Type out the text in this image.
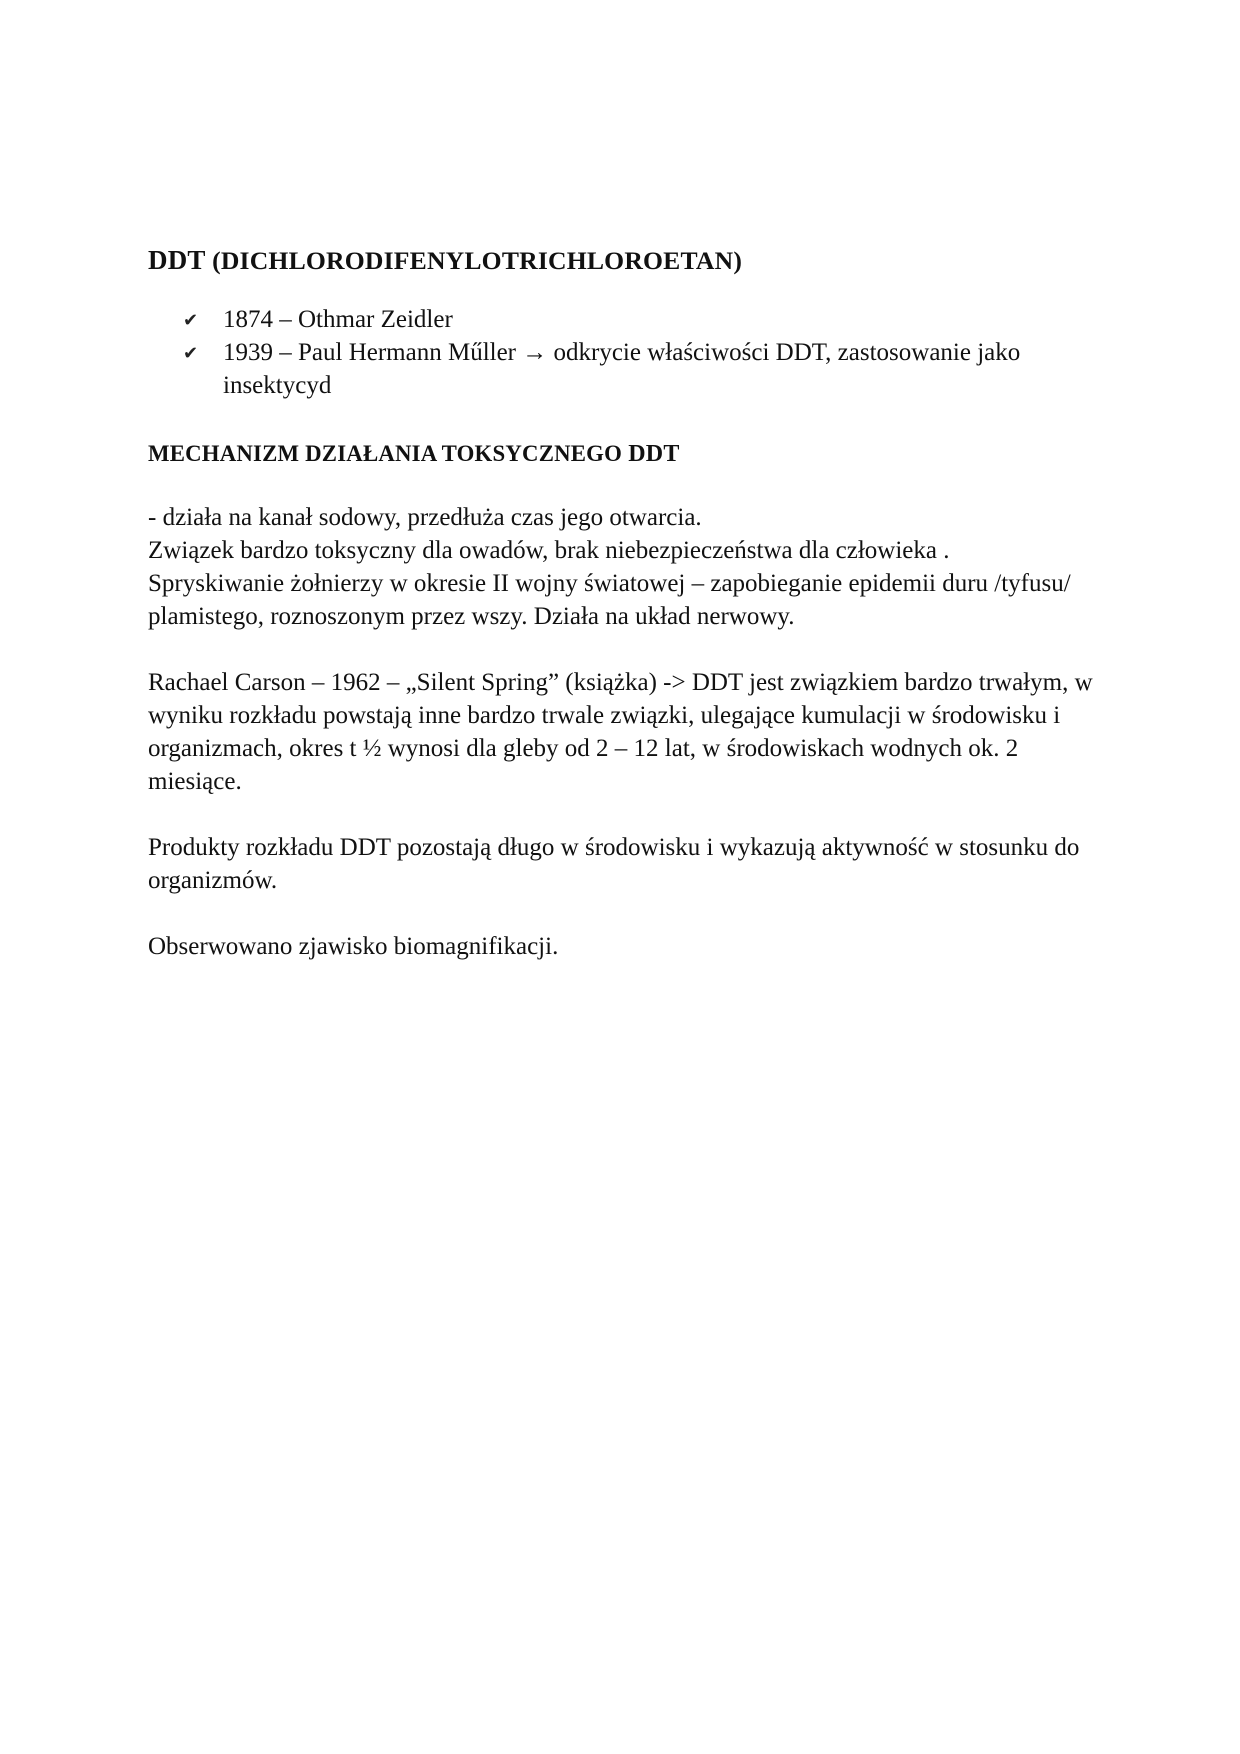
DDT (DICHLORODIFENYLOTRICHLOROETAN)
✔ 1874 – Othmar Zeidler
✔ 1939 – Paul Hermann Műller → odkrycie właściwości DDT, zastosowanie jako insektycyd
MECHANIZM DZIAŁANIA TOKSYCZNEGO DDT

- działa na kanał sodowy, przedłuża czas jego otwarcia.

Związek bardzo toksyczny dla owadów, brak niebezpieczeństwa dla człowieka .

Spryskiwanie żołnierzy w okresie II wojny światowej – zapobieganie epidemii duru /tyfusu/ plamistego, roznoszonym przez wszy. Działa na układ nerwowy.

Rachael Carson – 1962 – „Silent Spring” (książka) -> DDT jest związkiem bardzo trwałym, w wyniku rozkładu powstają inne bardzo trwale związki, ulegające kumulacji w środowisku i organizmach, okres t ½ wynosi dla gleby od 2 – 12 lat, w środowiskach wodnych ok. 2 miesiące.

Produkty rozkładu DDT pozostają długo w środowisku i wykazują aktywność w stosunku do organizmów.

Obserwowano zjawisko biomagnifikacji.
